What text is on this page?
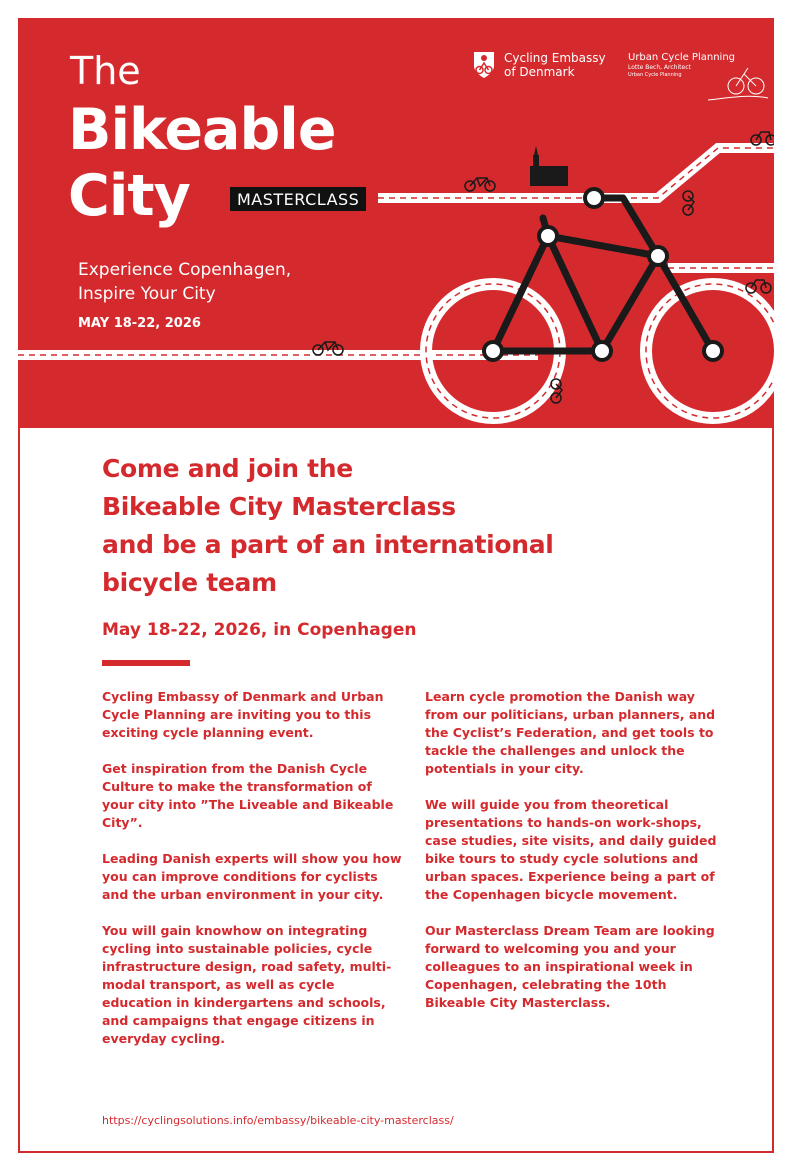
The
Bikeable
City	MASTERCLASS
Experience Copenhagen,
Inspire Your City
MAY 18-22, 2026
Cycling Embassy
of Denmark
Urban Cycle Planning
Lotte Bech, Architect
Urban Cycle Planning
Come and join the
Bikeable City Masterclass
and be a part of an international
bicycle team
May 18-22, 2026, in Copenhagen

Cycling Embassy of Denmark and Urban Cycle Planning are inviting you to this exciting cycle planning event.

Get inspiration from the Danish Cycle Culture to make the transformation of your city into ”The Liveable and Bikeable City”.

Leading Danish experts will show you how you can improve conditions for cyclists and the urban environment in your city.

You will gain knowhow on integrating cycling into sustainable policies, cycle infrastructure design, road safety, multi-modal transport, as well as cycle education in kindergartens and schools, and campaigns that engage citizens in everyday cycling.

Learn cycle promotion the Danish way from our politicians, urban planners, and the Cyclist’s Federation, and get tools to tackle the challenges and unlock the potentials in your city.

We will guide you from theoretical presentations to hands-on work-shops, case studies, site visits, and daily guided bike tours to study cycle solutions and urban spaces. Experience being a part of the Copenhagen bicycle movement.

Our Masterclass Dream Team are looking forward to welcoming you and your colleagues to an inspirational week in Copenhagen, celebrating the 10th Bikeable City Masterclass.

https://cyclingsolutions.info/embassy/bikeable-city-masterclass/
